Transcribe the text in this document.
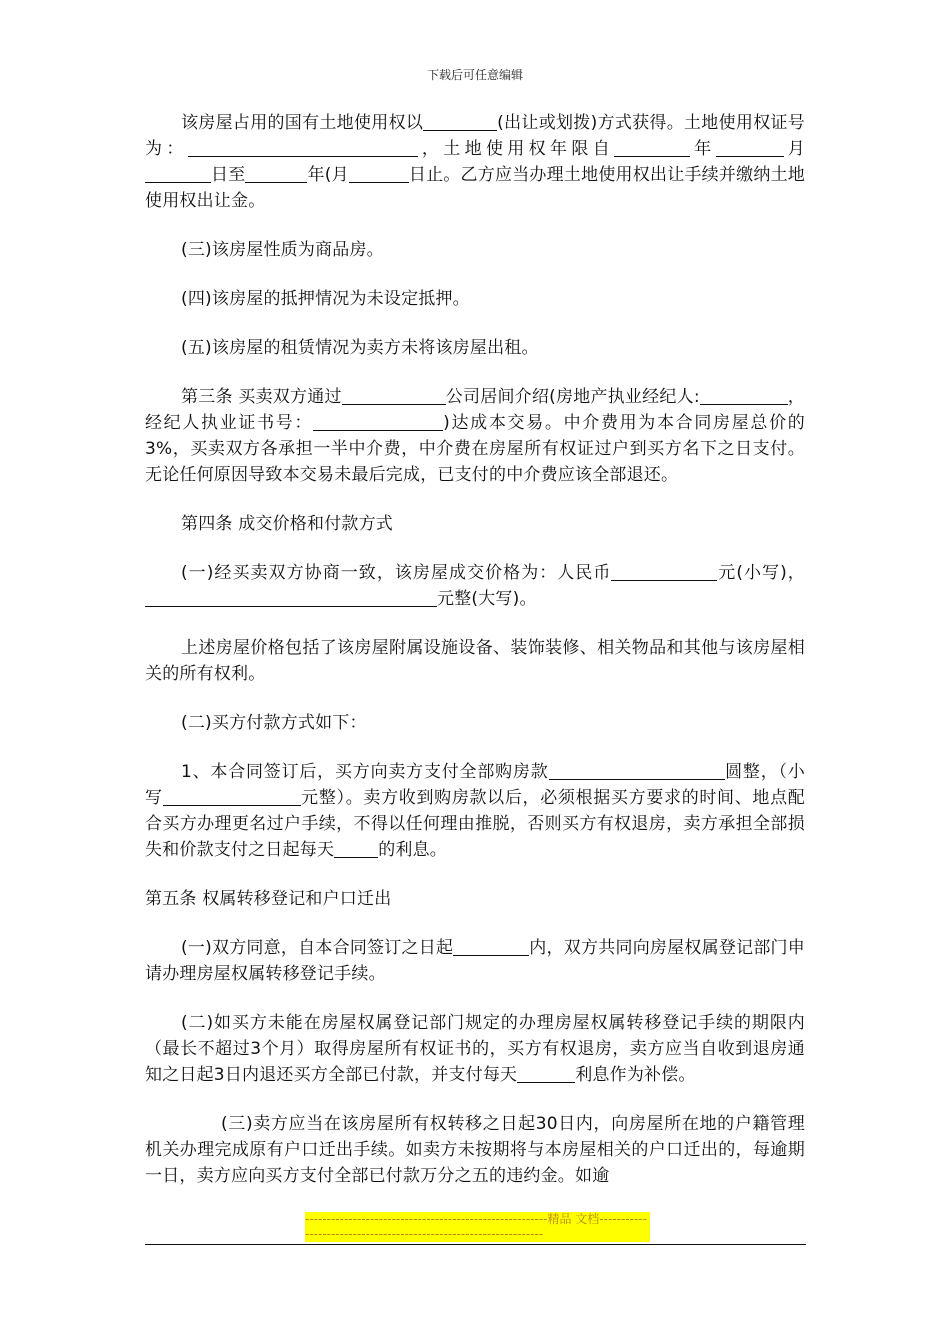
下载后可任意编辑

该房屋占用的国有土地使用权以	(出让或划拨)方式获得。土地使用权证号为：	，土地使用权年限自	年	月日至	年(月	日止。乙方应当办理土地使用权出让手续并缴纳土地使用权出让金。

(三)该房屋性质为商品房。

(四)该房屋的抵押情况为未设定抵押。

(五)该房屋的租赁情况为卖方未将该房屋出租。

第三条 买卖双方通过	公司居间介绍(房地产执业经纪人:	，经纪人执业证书号：	)达成本交易。中介费用为本合同房屋总价的3%，买卖双方各承担一半中介费，中介费在房屋所有权证过户到买方名下之日支付。无论任何原因导致本交易未最后完成，已支付的中介费应该全部退还。

第四条 成交价格和付款方式

(一)经买卖双方协商一致，该房屋成交价格为：人民币	元(小写)，元整(大写)。

上述房屋价格包括了该房屋附属设施设备、装饰装修、相关物品和其他与该房屋相关的所有权利。

(二)买方付款方式如下：

1、本合同签订后，买方向卖方支付全部购房款	圆整，（小写	元整）。卖方收到购房款以后，必须根据买方要求的时间、地点配合买方办理更名过户手续，不得以任何理由推脱，否则买方有权退房，卖方承担全部损失和价款支付之日起每天	的利息。

第五条 权属转移登记和户口迁出

(一)双方同意，自本合同签订之日起	内，双方共同向房屋权属登记部门申请办理房屋权属转移登记手续。

(二)如买方未能在房屋权属登记部门规定的办理房屋权属转移登记手续的期限内（最长不超过3个月）取得房屋所有权证书的，买方有权退房，卖方应当自收到退房通知之日起3日内退还买方全部已付款，并支付每天	利息作为补偿。

(三)卖方应当在该房屋所有权转移之日起30日内，向房屋所在地的户籍管理机关办理完成原有户口迁出手续。如卖方未按期将与本房屋相关的户口迁出的，每逾期一日，卖方应向买方支付全部已付款万分之五的违约金。如逾

--------------------------------------------------------精品 文档------------------------------------------------------------------
